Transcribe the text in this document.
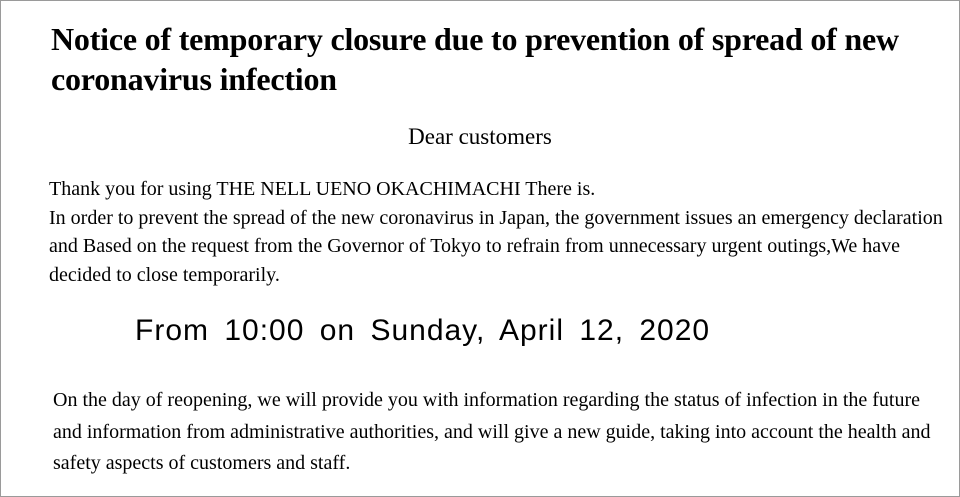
Notice of temporary closure due to prevention of spread of new coronavirus infection
Dear customers

Thank you for using THE NELL UENO OKACHIMACHI There is.

In order to prevent the spread of the new coronavirus in Japan, the government issues an emergency declaration and Based on the request from the Governor of Tokyo to refrain from unnecessary urgent outings,We have decided to close temporarily.

From 10:00 on Sunday, April 12, 2020

On the day of reopening, we will provide you with information regarding the status of infection in the future and information from administrative authorities, and will give a new guide, taking into account the health and safety aspects of customers and staff.
